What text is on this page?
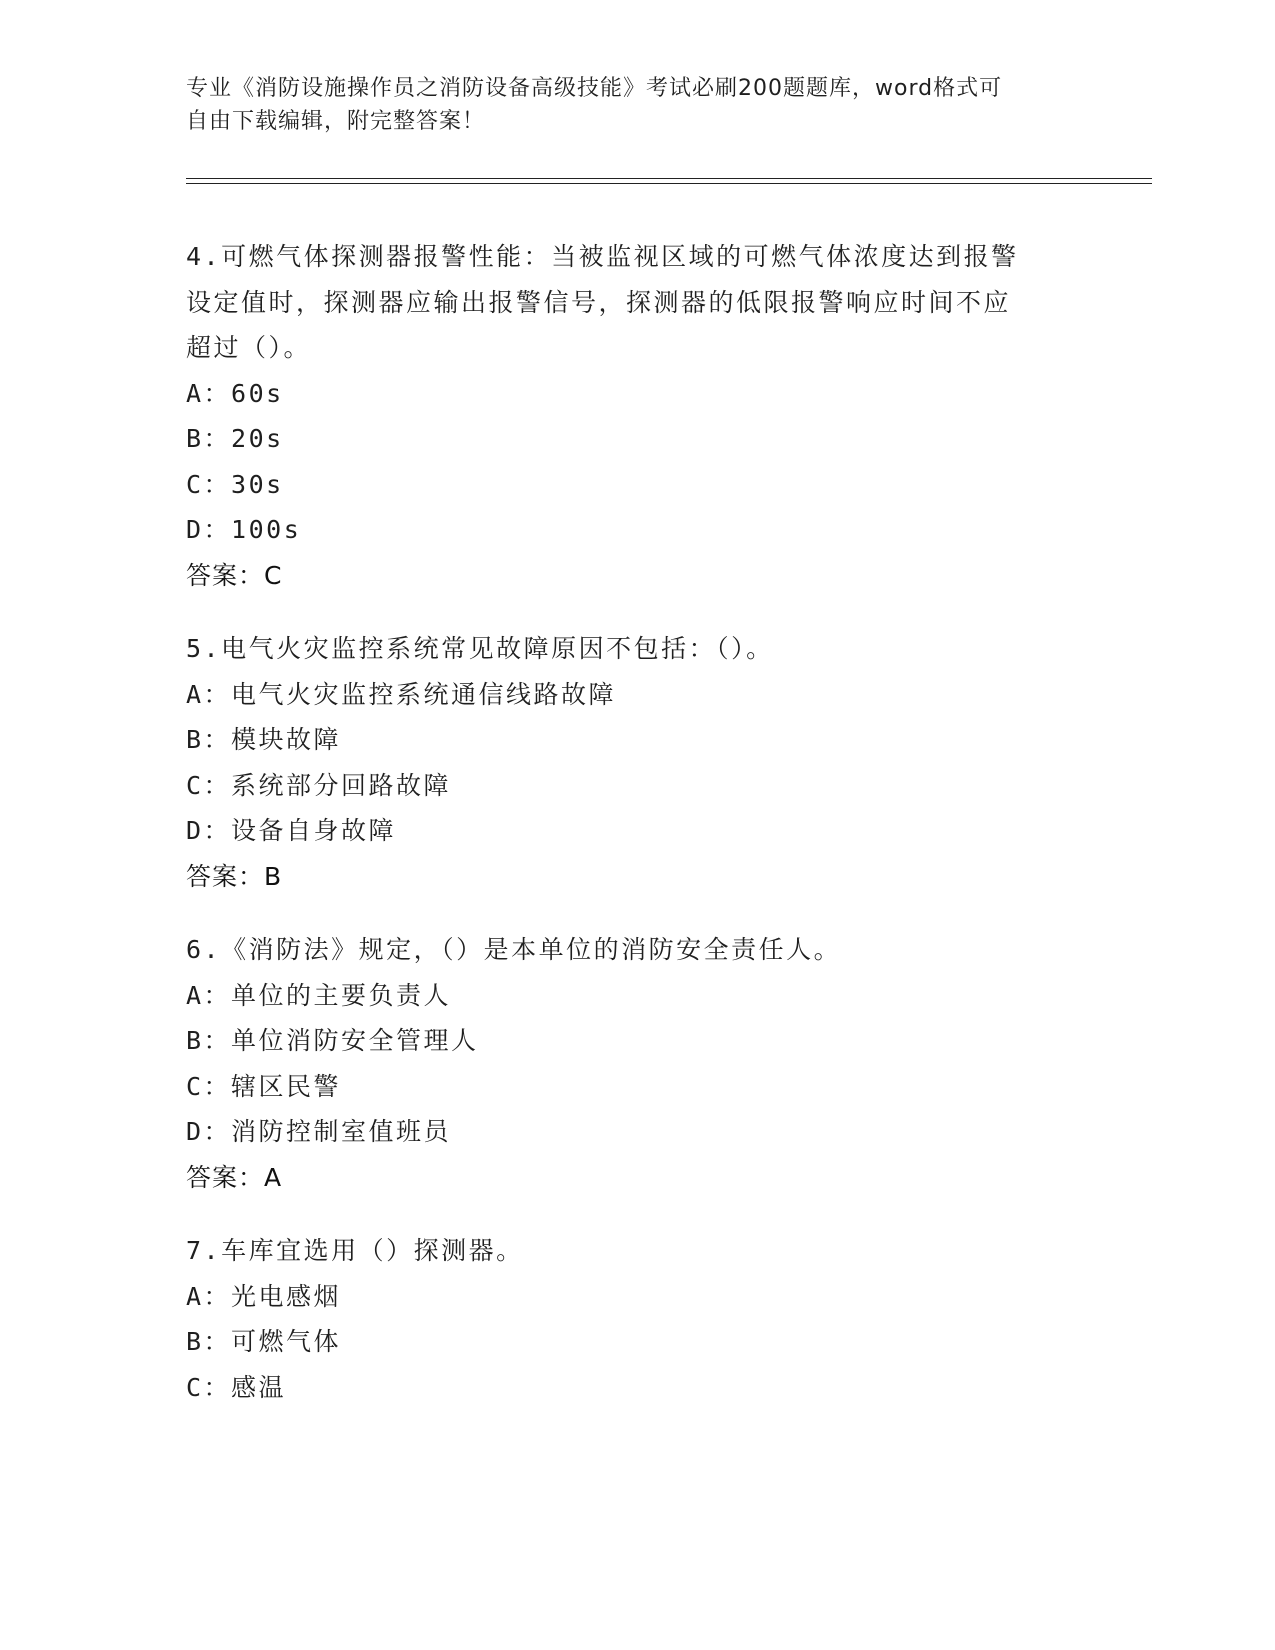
专业《消防设施操作员之消防设备高级技能》考试必刷200题题库，word格式可
自由下载编辑，附完整答案！
4.可燃气体探测器报警性能：当被监视区域的可燃气体浓度达到报警
设定值时，探测器应输出报警信号，探测器的低限报警响应时间不应
超过（）。
A：60s
B：20s
C：30s
D：100s
答案：C
5.电气火灾监控系统常见故障原因不包括：（）。
A：电气火灾监控系统通信线路故障
B：模块故障
C：系统部分回路故障
D：设备自身故障
答案：B
6.《消防法》规定，（）是本单位的消防安全责任人。
A：单位的主要负责人
B：单位消防安全管理人
C：辖区民警
D：消防控制室值班员
答案：A
7.车库宜选用（）探测器。
A：光电感烟
B：可燃气体
C：感温
